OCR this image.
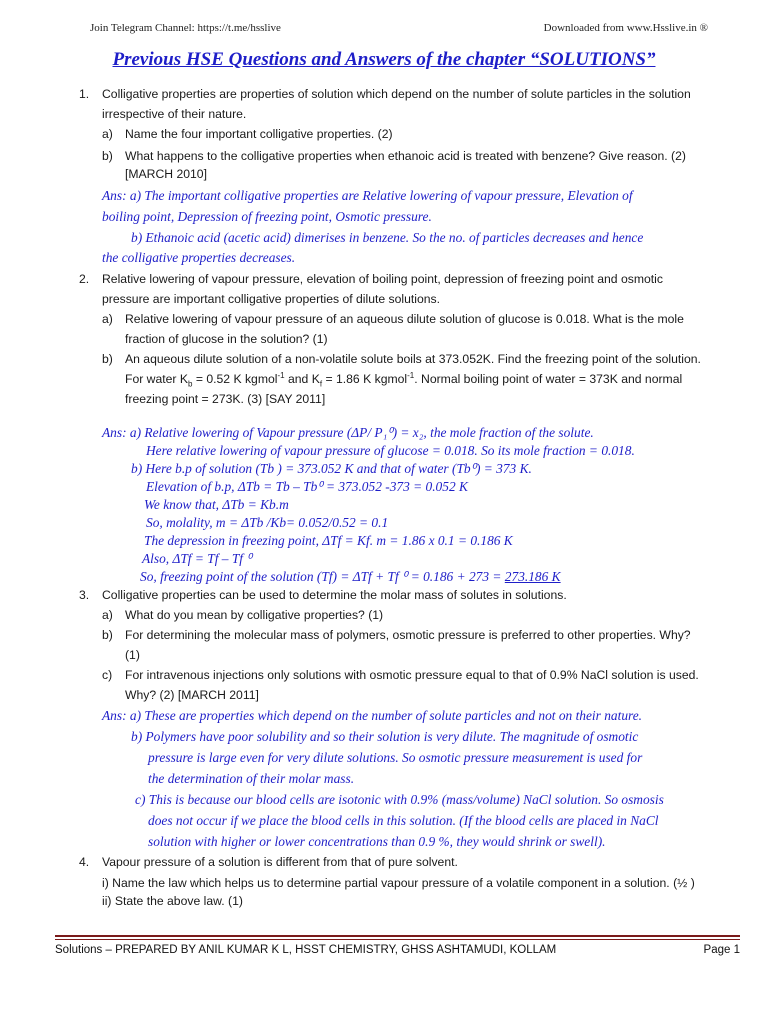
Join Telegram Channel: https://t.me/hsslive	Downloaded from www.Hsslive.in ®
Previous HSE Questions and Answers of the chapter “SOLUTIONS”
1. Colligative properties are properties of solution which depend on the number of solute particles in the solution
irrespective of their nature.
a) Name the four important colligative properties. (2)
b) What happens to the colligative properties when ethanoic acid is treated with benzene? Give reason. (2)
[MARCH 2010]
Ans: a) The important colligative properties are Relative lowering of vapour pressure, Elevation of
boiling point, Depression of freezing point, Osmotic pressure.
b) Ethanoic acid (acetic acid) dimerises in benzene. So the no. of particles decreases and hence
the colligative properties decreases.
2. Relative lowering of vapour pressure, elevation of boiling point, depression of freezing point and osmotic
pressure are important colligative properties of dilute solutions.
a) Relative lowering of vapour pressure of an aqueous dilute solution of glucose is 0.018. What is the mole
fraction of glucose in the solution? (1)
b) An aqueous dilute solution of a non-volatile solute boils at 373.052K. Find the freezing point of the solution.
For water $K_b = 0.52$ K kgmol$^{-1}$ and $K_f = 1.86$ K kgmol$^{-1}$. Normal boiling point of water = 373K and normal
freezing point = 273K. (3) [SAY 2011]
Ans: a) Relative lowering of Vapour pressure (ΔP/ P₁⁰) = x₂, the mole fraction of the solute.
Here relative lowering of vapour pressure of glucose = 0.018. So its mole fraction = 0.018.
b) Here b.p of solution (Tb ) = 373.052 K and that of water (Tb⁰) = 373 K.
Elevation of b.p, ΔTb = Tb – Tb⁰ = 373.052 -373 = 0.052 K
We know that, ΔTb = Kb.m
So, molality, m = ΔTb /Kb= 0.052/0.52 = 0.1
The depression in freezing point, ΔTf = Kf. m = 1.86 x 0.1 = 0.186 K
Also, ΔTf = Tf – Tf ⁰
So, freezing point of the solution (Tf) = ΔTf + Tf ⁰ = 0.186 + 273 = 273.186 K
3. Colligative properties can be used to determine the molar mass of solutes in solutions.
a) What do you mean by colligative properties? (1)
b) For determining the molecular mass of polymers, osmotic pressure is preferred to other properties. Why?
(1)
c) For intravenous injections only solutions with osmotic pressure equal to that of 0.9% NaCl solution is used.
Why? (2) [MARCH 2011]
Ans: a) These are properties which depend on the number of solute particles and not on their nature.
b) Polymers have poor solubility and so their solution is very dilute. The magnitude of osmotic
pressure is large even for very dilute solutions. So osmotic pressure measurement is used for
the determination of their molar mass.
c) This is because our blood cells are isotonic with 0.9% (mass/volume) NaCl solution. So osmosis
does not occur if we place the blood cells in this solution. (If the blood cells are placed in NaCl
solution with higher or lower concentrations than 0.9 %, they would shrink or swell).
4. Vapour pressure of a solution is different from that of pure solvent.
i) Name the law which helps us to determine partial vapour pressure of a volatile component in a solution. (½ )
ii) State the above law. (1)
Solutions – PREPARED BY ANIL KUMAR K L, HSST CHEMISTRY, GHSS ASHTAMUDI, KOLLAM	Page 1
